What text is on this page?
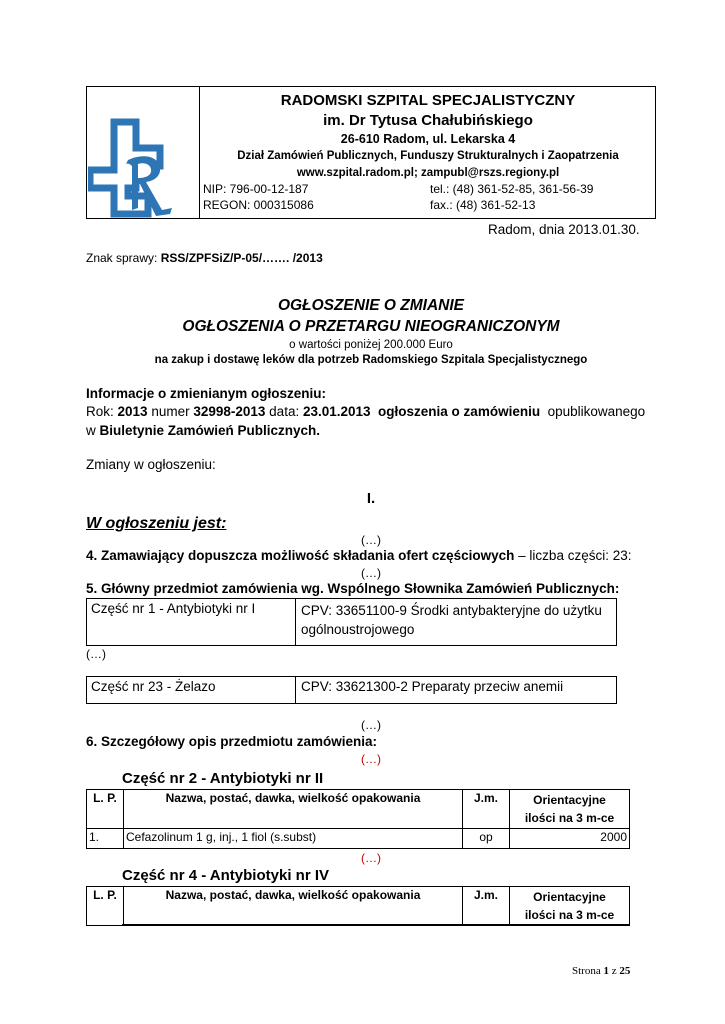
RADOMSKI SZPITAL SPECJALISTYCZNY
im. Dr Tytusa Chałubińskiego
26-610 Radom, ul. Lekarska 4
Dział Zamówień Publicznych, Funduszy Strukturalnych i Zaopatrzenia
www.szpital.radom.pl; zampubl@rszs.regiony.pl
NIP: 796-00-12-187	tel.: (48) 361-52-85, 361-56-39
REGON: 000315086	fax.: (48) 361-52-13
Radom, dnia 2013.01.30.
Znak sprawy: RSS/ZPFSiZ/P-05/……. /2013
OGŁOSZENIE O ZMIANIE
OGŁOSZENIA O PRZETARGU NIEOGRANICZONYM
o wartości poniżej 200.000 Euro
na zakup i dostawę leków dla potrzeb Radomskiego Szpitala Specjalistycznego
Informacje o zmienianym ogłoszeniu:
Rok: 2013 numer 32998-2013 data: 23.01.2013 ogłoszenia o zamówieniu opublikowanego
w Biuletynie Zamówień Publicznych.
Zmiany w ogłoszeniu:
I.
W ogłoszeniu jest:
(…)
4. Zamawiający dopuszcza możliwość składania ofert częściowych – liczba części: 23:
(…)
5. Główny przedmiot zamówienia wg. Wspólnego Słownika Zamówień Publicznych:
Część nr 1 - Antybiotyki nr I	CPV: 33651100-9 Środki antybakteryjne do użytku
ogólnoustrojowego
(…)
Część nr 23 - Żelazo	CPV: 33621300-2 Preparaty przeciw anemii
(…)
6. Szczegółowy opis przedmiotu zamówienia:
(…)
Część nr 2 - Antybiotyki nr II
L. P.	Nazwa, postać, dawka, wielkość opakowania	J.m.	Orientacyjne
ilości na 3 m-ce

1.	Cefazolinum 1 g, inj., 1 fiol (s.subst)	op	2000
(…)
Część nr 4 - Antybiotyki nr IV
L. P.	Nazwa, postać, dawka, wielkość opakowania	J.m.	Orientacyjne
ilości na 3 m-ce
Strona 1 z 25
